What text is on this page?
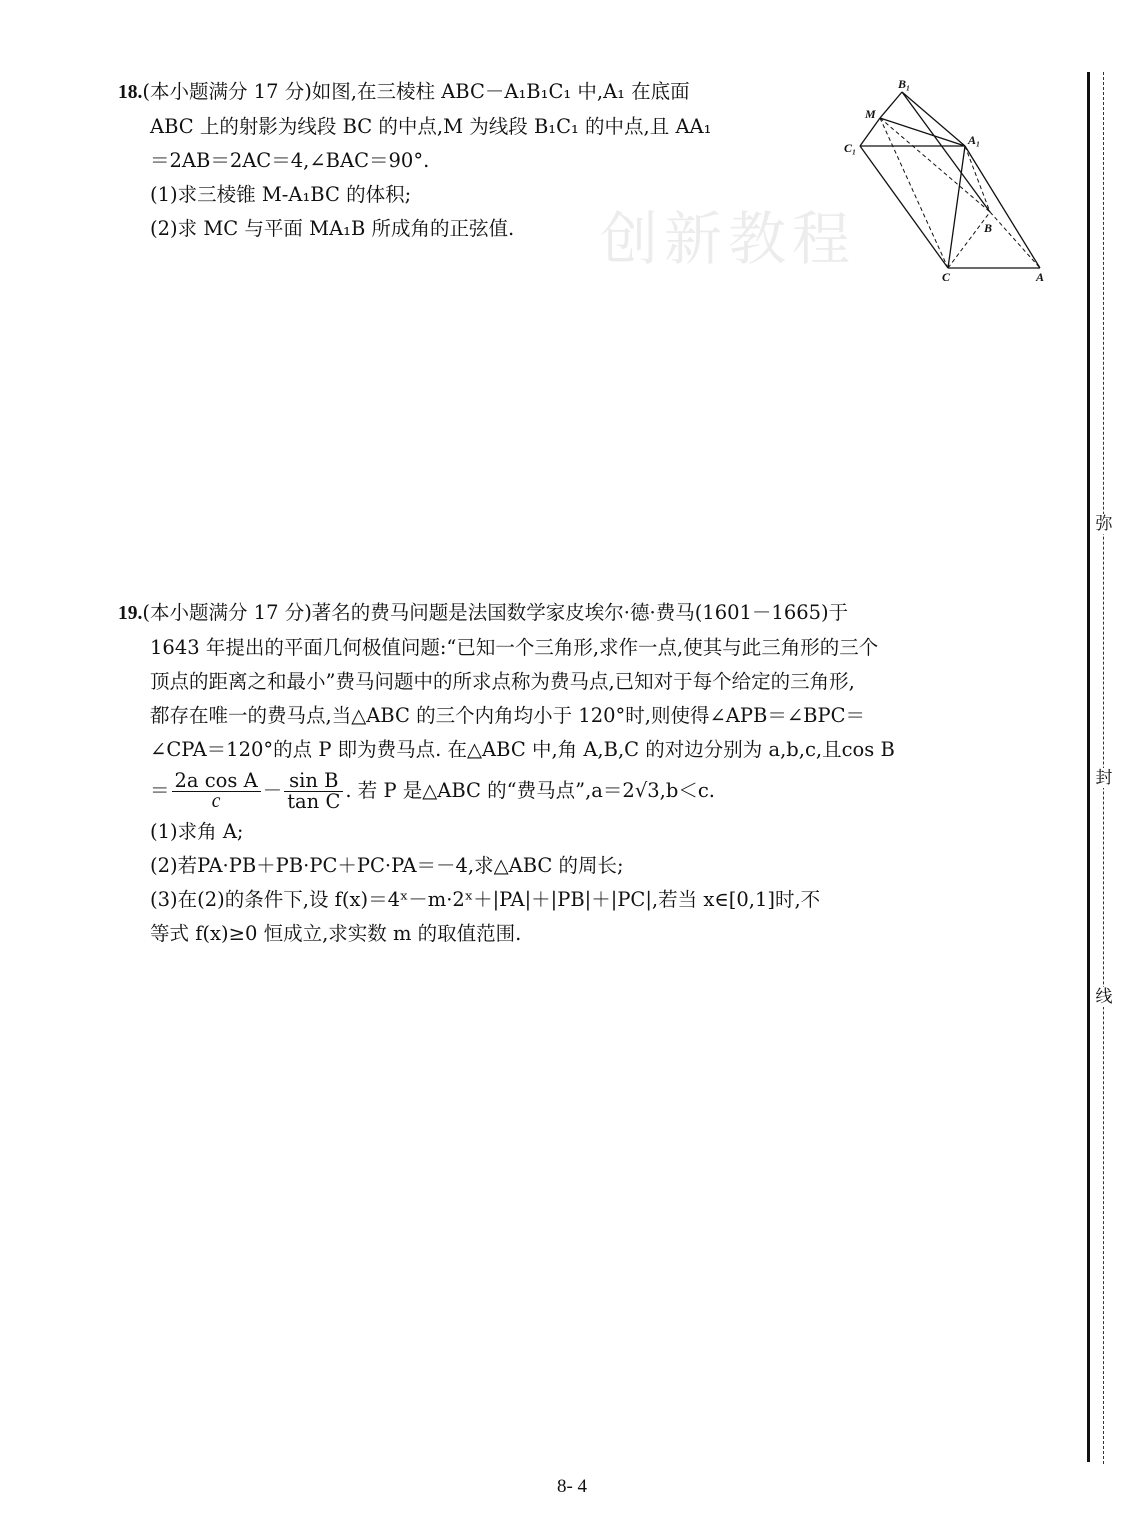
创新教程
18.(本小题满分 17 分)如图,在三棱柱 ABC－A₁B₁C₁ 中,A₁ 在底面
ABC 上的射影为线段 BC 的中点,M 为线段 B₁C₁ 的中点,且 AA₁
＝2AB＝2AC＝4,∠BAC＝90°.
(1)求三棱锥 M-A₁BC 的体积;
(2)求 MC 与平面 MA₁B 所成角的正弦值.
B₁
M
C₁
A₁
B
C	A
19.(本小题满分 17 分)著名的费马问题是法国数学家皮埃尔·德·费马(1601－1665)于
1643 年提出的平面几何极值问题:“已知一个三角形,求作一点,使其与此三角形的三个
顶点的距离之和最小”费马问题中的所求点称为费马点,已知对于每个给定的三角形,
都存在唯一的费马点,当△ABC 的三个内角均小于 120°时,则使得∠APB＝∠BPC＝
∠CPA＝120°的点 P 即为费马点. 在△ABC 中,角 A,B,C 的对边分别为 a,b,c,且cos B
＝ $\frac{\text{2a cos A}}{c} - \frac{\text{sin B}}{\text{tan C}}$ . 若 P 是△ABC 的“费马点”,a＝2√3,b＜c.
(1)求角 A;
(2)若PA·PB＋PB·PC＋PC·PA＝－4,求△ABC 的周长;
(3)在(2)的条件下,设 f(x)＝4ˣ－m·2ˣ＋|PA|＋|PB|＋|PC|,若当 x∈[0,1]时,不
等式 f(x)≥0 恒成立,求实数 m 的取值范围.
弥
封
线
8- 4
